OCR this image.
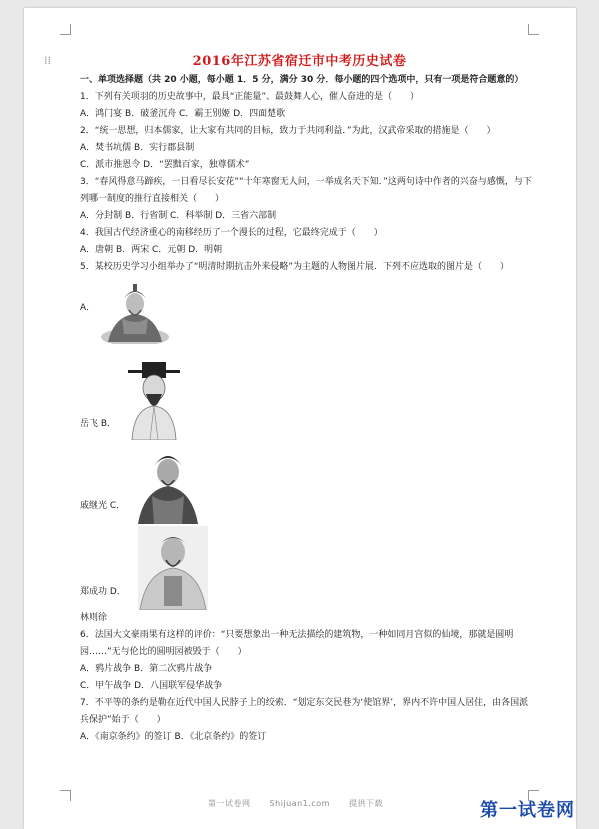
⁞⁞	2016年江苏省宿迁市中考历史试卷

一、单项选择题（共 20 小题，每小题 1．5 分，满分 30 分．每小题的四个选项中，只有一项是符合题意的）

1．下列有关项羽的历史故事中，最具“正能量”、最鼓舞人心，催人奋进的是（　　）

A．鸿门宴 B．破釜沉舟 C．霸王别姬 D．四面楚歌

2．“统一思想，归本儒家，让大家有共同的目标，致力于共同利益．”为此，汉武帝采取的措施是（　　）

A．焚书坑儒 B．实行郡县制

C．派市推恩令 D．“罢黜百家，独尊儒术”

3．“春风得意马蹄疾，一日看尽长安花”“十年寒窗无人问，一举成名天下知．”这两句诗中作者的兴奋与感慨，与下列哪一制度的推行直接相关（　　）

A．分封制 B．行省制 C．科举制 D．三省六部制

4．我国古代经济重心的南移经历了一个漫长的过程，它最终完成于（　　）

A．唐朝 B．两宋 C．元朝 D．明朝

5．某校历史学习小组举办了“明清时期抗击外来侵略”为主题的人物图片展．下列不应选取的图片是（　　）

A．
岳飞 B．
戚继光 C．
郑成功 D．

林则徐

6．法国大文豪雨果有这样的评价：“只要想象出一种无法描绘的建筑物，一种如同月宫似的仙境，那就是圆明园……”无与伦比的圆明园被毁于（　　）

A．鸦片战争 B．第二次鸦片战争

C．甲午战争 D．八国联军侵华战争

7．不平等的条约是勒在近代中国人民脖子上的绞索．“划定东交民巷为‘使馆界’，界内不许中国人居住，由各国派兵保护”始于（　　）

A．《南京条约》的签订 B．《北京条约》的签订

第一试卷网 Shijuan1.com 提供下载	第一试卷网
